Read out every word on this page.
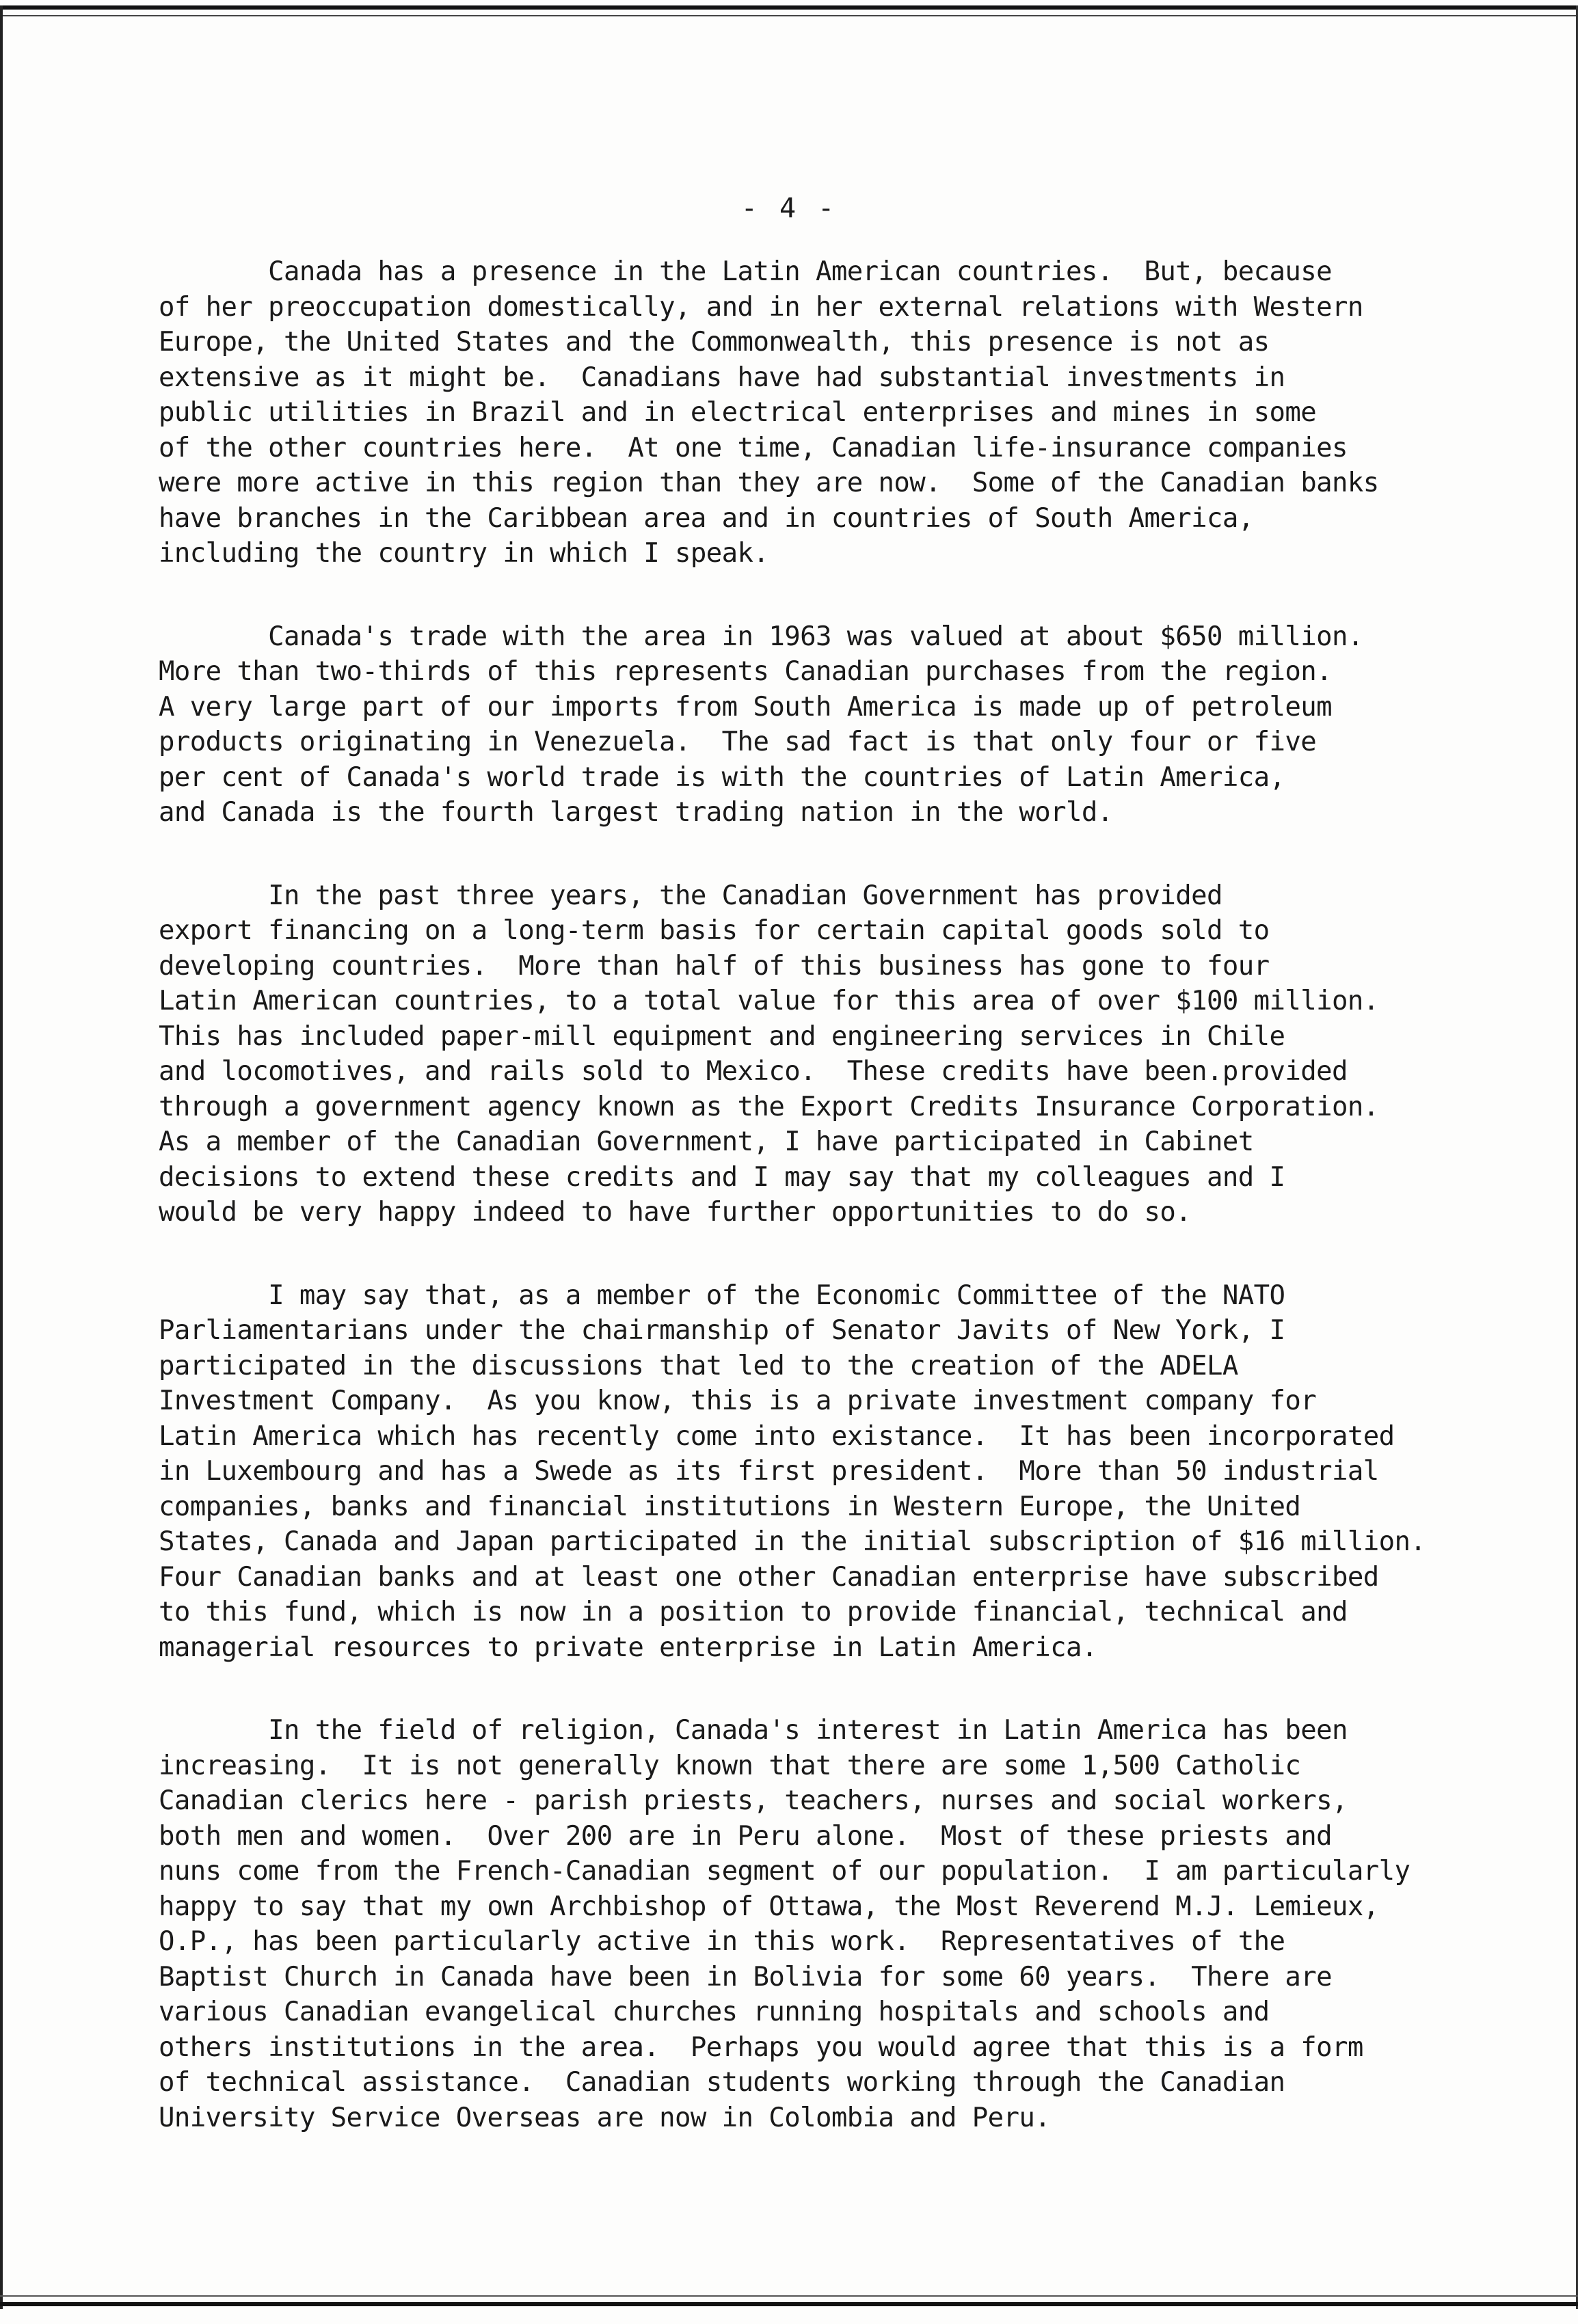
- 4 -
Canada has a presence in the Latin American countries.  But, because
of her preoccupation domestically, and in her external relations with Western
Europe, the United States and the Commonwealth, this presence is not as
extensive as it might be.  Canadians have had substantial investments in
public utilities in Brazil and in electrical enterprises and mines in some
of the other countries here.  At one time, Canadian life-insurance companies
were more active in this region than they are now.  Some of the Canadian banks
have branches in the Caribbean area and in countries of South America,
including the country in which I speak.
Canada's trade with the area in 1963 was valued at about $650 million.
More than two-thirds of this represents Canadian purchases from the region.
A very large part of our imports from South America is made up of petroleum
products originating in Venezuela.  The sad fact is that only four or five
per cent of Canada's world trade is with the countries of Latin America,
and Canada is the fourth largest trading nation in the world.
In the past three years, the Canadian Government has provided
export financing on a long-term basis for certain capital goods sold to
developing countries.  More than half of this business has gone to four
Latin American countries, to a total value for this area of over $100 million.
This has included paper-mill equipment and engineering services in Chile
and locomotives, and rails sold to Mexico.  These credits have been.provided
through a government agency known as the Export Credits Insurance Corporation.
As a member of the Canadian Government, I have participated in Cabinet
decisions to extend these credits and I may say that my colleagues and I
would be very happy indeed to have further opportunities to do so.
I may say that, as a member of the Economic Committee of the NATO
Parliamentarians under the chairmanship of Senator Javits of New York, I
participated in the discussions that led to the creation of the ADELA
Investment Company.  As you know, this is a private investment company for
Latin America which has recently come into existance.  It has been incorporated
in Luxembourg and has a Swede as its first president.  More than 50 industrial
companies, banks and financial institutions in Western Europe, the United
States, Canada and Japan participated in the initial subscription of $16 million.
Four Canadian banks and at least one other Canadian enterprise have subscribed
to this fund, which is now in a position to provide financial, technical and
managerial resources to private enterprise in Latin America.
In the field of religion, Canada's interest in Latin America has been
increasing.  It is not generally known that there are some 1,500 Catholic
Canadian clerics here - parish priests, teachers, nurses and social workers,
both men and women.  Over 200 are in Peru alone.  Most of these priests and
nuns come from the French-Canadian segment of our population.  I am particularly
happy to say that my own Archbishop of Ottawa, the Most Reverend M.J. Lemieux,
O.P., has been particularly active in this work.  Representatives of the
Baptist Church in Canada have been in Bolivia for some 60 years.  There are
various Canadian evangelical churches running hospitals and schools and
others institutions in the area.  Perhaps you would agree that this is a form
of technical assistance.  Canadian students working through the Canadian
University Service Overseas are now in Colombia and Peru.
